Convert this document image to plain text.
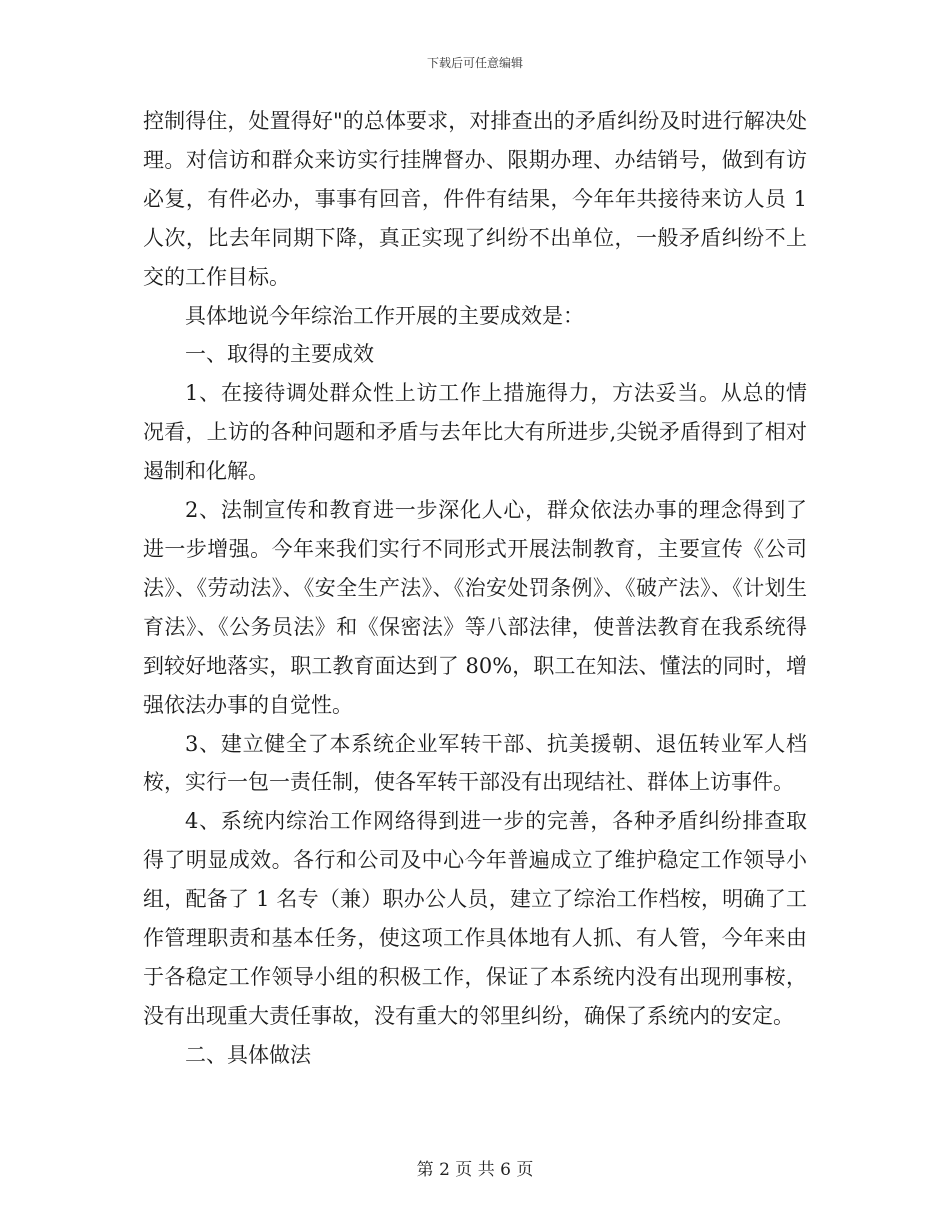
下载后可任意编辑

控制得住，处置得好"的总体要求，对排查出的矛盾纠纷及时进行解决处理。对信访和群众来访实行挂牌督办、限期办理、办结销号，做到有访必复，有件必办，事事有回音，件件有结果，今年年共接待来访人员 1 人次，比去年同期下降，真正实现了纠纷不出单位，一般矛盾纠纷不上交的工作目标。

具体地说今年综治工作开展的主要成效是：

一、取得的主要成效

1、在接待调处群众性上访工作上措施得力，方法妥当。从总的情况看，上访的各种问题和矛盾与去年比大有所进步,尖锐矛盾得到了相对遏制和化解。

2、法制宣传和教育进一步深化人心，群众依法办事的理念得到了进一步增强。今年来我们实行不同形式开展法制教育，主要宣传《公司法》、《劳动法》、《安全生产法》、《治安处罚条例》、《破产法》、《计划生育法》、《公务员法》和《保密法》等八部法律，使普法教育在我系统得到较好地落实，职工教育面达到了 80%，职工在知法、懂法的同时，增强依法办事的自觉性。

3、建立健全了本系统企业军转干部、抗美援朝、退伍转业军人档桉，实行一包一责任制，使各军转干部没有出现结社、群体上访事件。

4、系统内综治工作网络得到进一步的完善，各种矛盾纠纷排查取得了明显成效。各行和公司及中心今年普遍成立了维护稳定工作领导小组，配备了 1 名专（兼）职办公人员，建立了综治工作档桉，明确了工作管理职责和基本任务，使这项工作具体地有人抓、有人管，今年来由于各稳定工作领导小组的积极工作，保证了本系统内没有出现刑事桉，没有出现重大责任事故，没有重大的邻里纠纷，确保了系统内的安定。

二、具体做法

第 2 页 共 6 页
